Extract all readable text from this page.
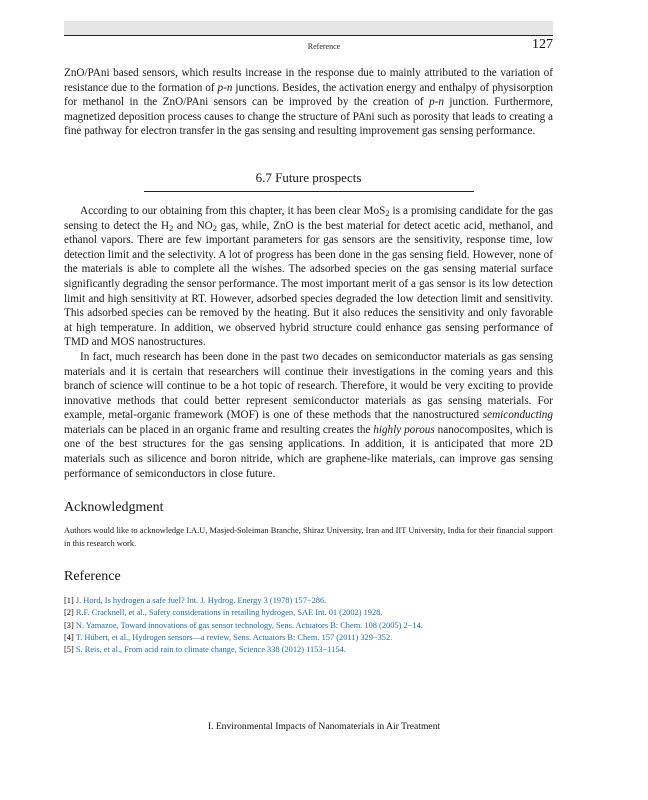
Reference	127

ZnO/PAni based sensors, which results increase in the response due to mainly attributed to the variation of resistance due to the formation of p-n junctions. Besides, the activation energy and enthalpy of physisorption for methanol in the ZnO/PAni sensors can be improved by the creation of p-n junction. Furthermore, magnetized deposition process causes to change the structure of PAni such as porosity that leads to creating a fine pathway for electron transfer in the gas sensing and resulting improvement gas sensing performance.

6.7 Future prospects

According to our obtaining from this chapter, it has been clear MoS$_2$ is a promising candidate for the gas sensing to detect the $H_2$ and $NO_2$ gas, while, ZnO is the best material for detect acetic acid, methanol, and ethanol vapors. There are few important parameters for gas sensors are the sensitivity, response time, low detection limit and the selectivity. A lot of progress has been done in the gas sensing field. However, none of the materials is able to complete all the wishes. The adsorbed species on the gas sensing material surface significantly degrading the sensor performance. The most important merit of a gas sensor is its low detection limit and high sensitivity at RT. However, adsorbed species degraded the low detection limit and sensitivity. This adsorbed species can be removed by the heating. But it also reduces the sensitivity and only favorable at high temperature. In addition, we observed hybrid structure could enhance gas sensing performance of TMD and MOS nanostructures.

In fact, much research has been done in the past two decades on semiconductor materials as gas sensing materials and it is certain that researchers will continue their investigations in the coming years and this branch of science will continue to be a hot topic of research. Therefore, it would be very exciting to provide innovative methods that could better represent semiconductor materials as gas sensing materials. For example, metal-organic framework (MOF) is one of these methods that the nanostructured semiconducting materials can be placed in an organic frame and resulting creates the highly porous nanocomposites, which is one of the best structures for the gas sensing applications. In addition, it is anticipated that more 2D materials such as silicence and boron nitride, which are graphene-like materials, can improve gas sensing performance of semiconductors in close future.

Acknowledgment

Authors would like to acknowledge I.A.U, Masjed-Soleiman Branche, Shiraz University, Iran and IIT University, India for their financial support in this research work.

Reference
[1] J. Hord, Is hydrogen a safe fuel? Int. J. Hydrog. Energy 3 (1978) 157−286.
[2] R.F. Cracknell, et al., Safety considerations in retailing hydrogen, SAE Int. 01 (2002) 1928.
[3] N. Yamazoe, Toward innovations of gas sensor technology, Sens. Actuators B: Chem. 108 (2005) 2−14.
[4] T. Hübert, et al., Hydrogen sensors—a review, Sens. Actuators B: Chem. 157 (2011) 329−352.
[5] S. Reis, et al., From acid rain to climate change, Science 338 (2012) 1153−1154.
I. Environmental Impacts of Nanomaterials in Air Treatment
